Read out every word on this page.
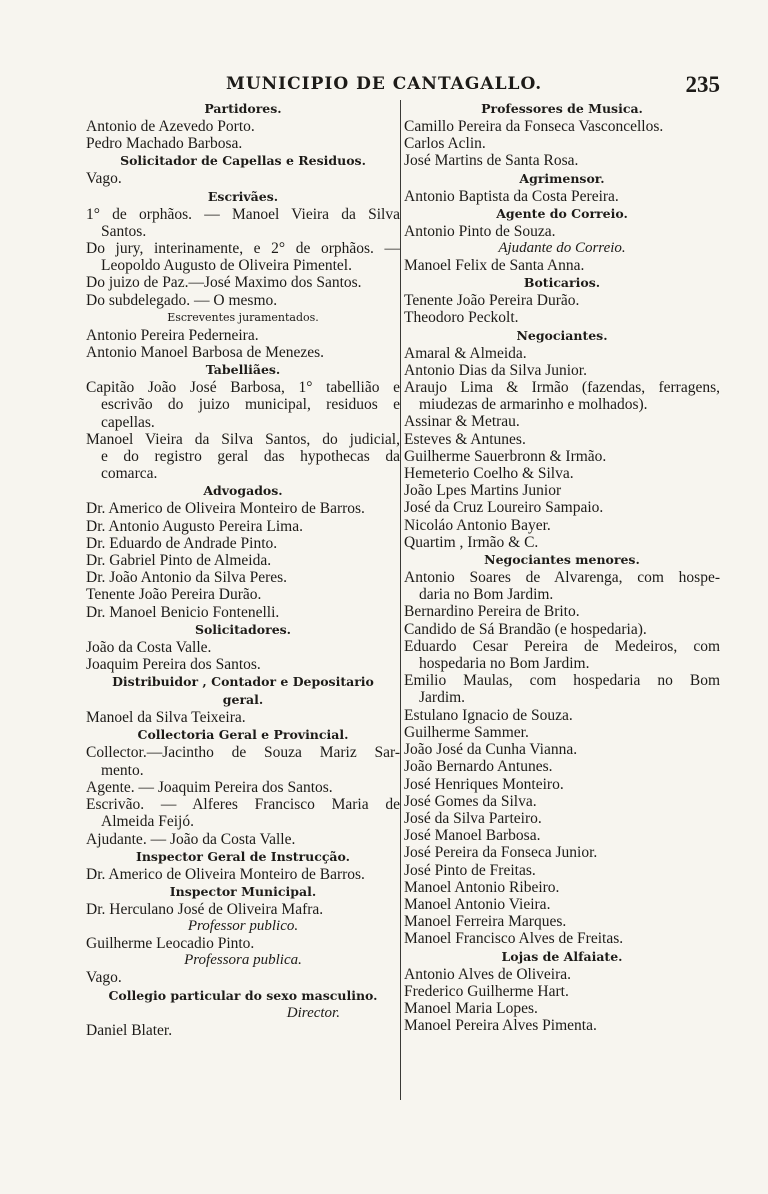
MUNICIPIO DE CANTAGALLO.	235
Partidores.
Antonio de Azevedo Porto.
Pedro Machado Barbosa.
Solicitador de Capellas e Residuos.
Vago.
Escrivães.
1° de orphãos. — Manoel Vieira da Silva
Santos.
Do jury, interinamente, e 2° de orphãos. —
Leopoldo Augusto de Oliveira Pimentel.
Do juizo de Paz.—José Maximo dos Santos.
Do subdelegado. — O mesmo.
Escreventes juramentados.
Antonio Pereira Pederneira.
Antonio Manoel Barbosa de Menezes.
Tabelliães.
Capitão João José Barbosa, 1° tabellião e
escrivão do juizo municipal, residuos e
capellas.
Manoel Vieira da Silva Santos, do judicial,
e do registro geral das hypothecas da
comarca.
Advogados.
Dr. Americo de Oliveira Monteiro de Barros.
Dr. Antonio Augusto Pereira Lima.
Dr. Eduardo de Andrade Pinto.
Dr. Gabriel Pinto de Almeida.
Dr. João Antonio da Silva Peres.
Tenente João Pereira Durão.
Dr. Manoel Benicio Fontenelli.
Solicitadores.
João da Costa Valle.
Joaquim Pereira dos Santos.
Distribuidor , Contador e Depositario
geral.
Manoel da Silva Teixeira.
Collectoria Geral e Provincial.
Collector.—Jacintho de Souza Mariz Sar-
mento.
Agente. — Joaquim Pereira dos Santos.
Escrivão. — Alferes Francisco Maria de
Almeida Feijó.
Ajudante. — João da Costa Valle.
Inspector Geral de Instrucção.
Dr. Americo de Oliveira Monteiro de Barros.
Inspector Municipal.
Dr. Herculano José de Oliveira Mafra.
Professor publico.
Guilherme Leocadio Pinto.
Professora publica.
Vago.
Collegio particular do sexo masculino.
Director.
Daniel Blater.
Professores de Musica.
Camillo Pereira da Fonseca Vasconcellos.
Carlos Aclin.
José Martins de Santa Rosa.
Agrimensor.
Antonio Baptista da Costa Pereira.
Agente do Correio.
Antonio Pinto de Souza.
Ajudante do Correio.
Manoel Felix de Santa Anna.
Boticarios.
Tenente João Pereira Durão.
Theodoro Peckolt.
Negociantes.
Amaral & Almeida.
Antonio Dias da Silva Junior.
Araujo Lima & Irmão (fazendas, ferragens,
miudezas de armarinho e molhados).
Assinar & Metrau.
Esteves & Antunes.
Guilherme Sauerbronn & Irmão.
Hemeterio Coelho & Silva.
João Lpes Martins Junior
José da Cruz Loureiro Sampaio.
Nicoláo Antonio Bayer.
Quartim , Irmão & C.
Negociantes menores.
Antonio Soares de Alvarenga, com hospe-
daria no Bom Jardim.
Bernardino Pereira de Brito.
Candido de Sá Brandão (e hospedaria).
Eduardo Cesar Pereira de Medeiros, com
hospedaria no Bom Jardim.
Emilio Maulas, com hospedaria no Bom
Jardim.
Estulano Ignacio de Souza.
Guilherme Sammer.
João José da Cunha Vianna.
João Bernardo Antunes.
José Henriques Monteiro.
José Gomes da Silva.
José da Silva Parteiro.
José Manoel Barbosa.
José Pereira da Fonseca Junior.
José Pinto de Freitas.
Manoel Antonio Ribeiro.
Manoel Antonio Vieira.
Manoel Ferreira Marques.
Manoel Francisco Alves de Freitas.
Lojas de Alfaiate.
Antonio Alves de Oliveira.
Frederico Guilherme Hart.
Manoel Maria Lopes.
Manoel Pereira Alves Pimenta.
